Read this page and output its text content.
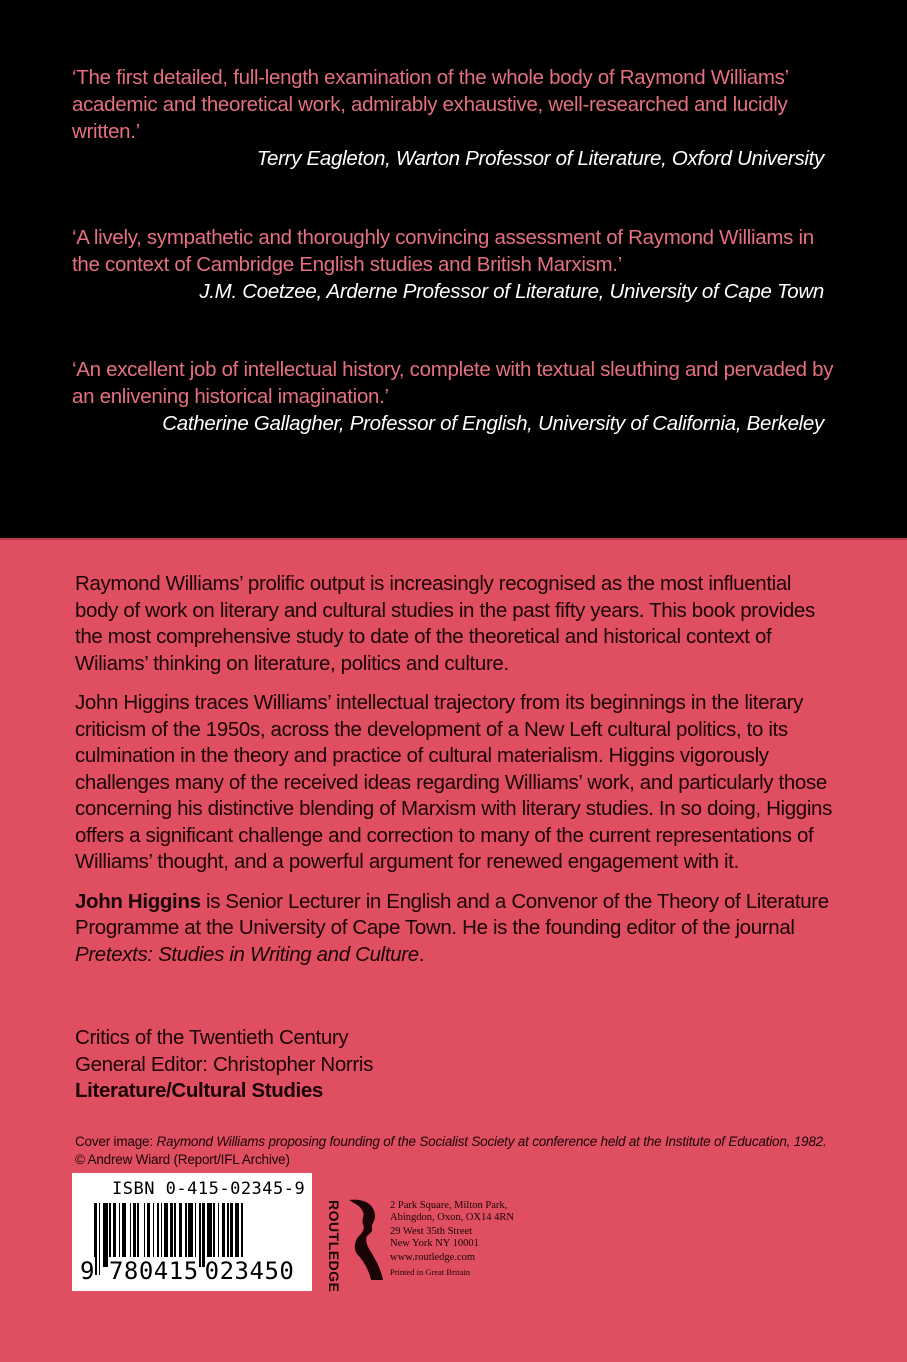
‘The first detailed, full-length examination of the whole body of Raymond Williams’ academic and theoretical work, admirably exhaustive, well-researched and lucidly written.’
Terry Eagleton, Warton Professor of Literature, Oxford University
‘A lively, sympathetic and thoroughly convincing assessment of Raymond Williams in the context of Cambridge English studies and British Marxism.’
J.M. Coetzee, Arderne Professor of Literature, University of Cape Town
‘An excellent job of intellectual history, complete with textual sleuthing and pervaded by an enlivening historical imagination.’
Catherine Gallagher, Professor of English, University of California, Berkeley

Raymond Williams’ prolific output is increasingly recognised as the most influential body of work on literary and cultural studies in the past fifty years. This book provides the most comprehensive study to date of the theoretical and historical context of Wiliams’ thinking on literature, politics and culture.

John Higgins traces Williams’ intellectual trajectory from its beginnings in the literary criticism of the 1950s, across the development of a New Left cultural politics, to its culmination in the theory and practice of cultural materialism. Higgins vigorously challenges many of the received ideas regarding Williams’ work, and particularly those concerning his distinctive blending of Marxism with literary studies. In so doing, Higgins offers a significant challenge and correction to many of the current representations of Williams’ thought, and a powerful argument for renewed engagement with it.

John Higgins is Senior Lecturer in English and a Convenor of the Theory of Literature Programme at the University of Cape Town. He is the founding editor of the journal Pretexts: Studies in Writing and Culture.

Critics of the Twentieth Century
General Editor: Christopher Norris
Literature/Cultural Studies
Cover image: Raymond Williams proposing founding of the Socialist Society at conference held at the Institute of Education, 1982. © Andrew Wiard (Report/IFL Archive)
ISBN 0-415-02345-9
9 780415 023450 ROUTLEDGE	2 Park Square, Milton Park,
Abingdon, Oxon, OX14 4RN
29 West 35th Street
New York NY 10001
www.routledge.com
Printed in Great Britain
